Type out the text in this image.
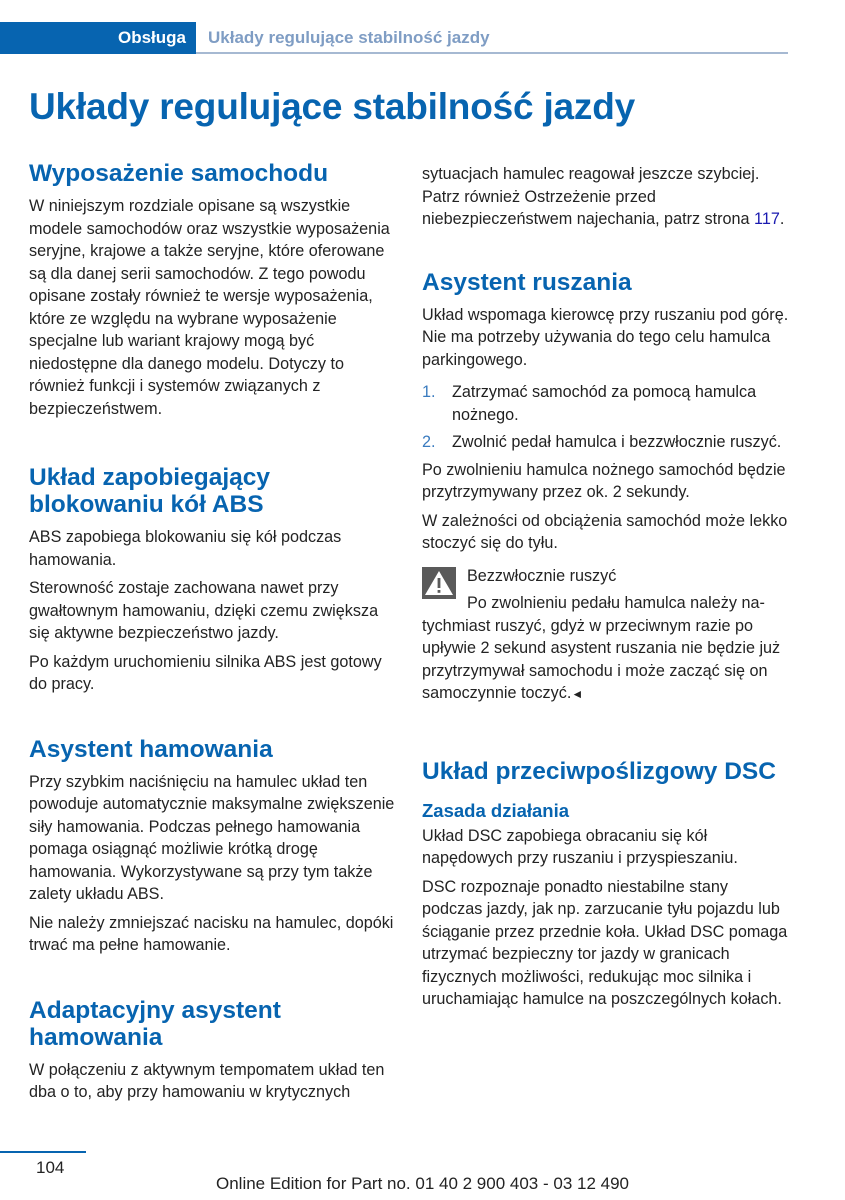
Obsługa Układy regulujące stabilność jazdy
Układy regulujące stabilność jazdy
Wyposażenie samochodu

W niniejszym rozdziale opisane są wszystkie modele samochodów oraz wszystkie wyposażenia seryjne, krajowe a także seryjne, które oferowane są dla danej serii samochodów. Z tego powodu opisane zostały również te wersje wyposażenia, które ze względu na wybrane wyposażenie specjalne lub wariant krajowy mogą być niedostępne dla danego modelu. Dotyczy to również funkcji i systemów związanych z bezpieczeństwem.

Układ zapobiegający blokowaniu kół ABS

ABS zapobiega blokowaniu się kół podczas hamowania.

Sterowność zostaje zachowana nawet przy gwałtownym hamowaniu, dzięki czemu zwiększa się aktywne bezpieczeństwo jazdy.

Po każdym uruchomieniu silnika ABS jest gotowy do pracy.

Asystent hamowania

Przy szybkim naciśnięciu na hamulec układ ten powoduje automatycznie maksymalne zwiększenie siły hamowania. Podczas pełnego hamowania pomaga osiągnąć możliwie krótką drogę hamowania. Wykorzystywane są przy tym także zalety układu ABS.

Nie należy zmniejszać nacisku na hamulec, dopóki trwać ma pełne hamowanie.

Adaptacyjny asystent hamowania

W połączeniu z aktywnym tempomatem układ ten dba o to, aby przy hamowaniu w krytycznych

sytuacjach hamulec reagował jeszcze szybciej. Patrz również Ostrzeżenie przed niebezpieczeństwem najechania, patrz strona 117.

Asystent ruszania

Układ wspomaga kierowcę przy ruszaniu pod górę. Nie ma potrzeby używania do tego celu hamulca parkingowego.

1. Zatrzymać samochód za pomocą hamulca nożnego.
2. Zwolnić pedał hamulca i bezzwłocznie ruszyć.

Po zwolnieniu hamulca nożnego samochód będzie przytrzymywany przez ok. 2 sekundy.

W zależności od obciążenia samochód może lekko stoczyć się do tyłu.

Bezzwłocznie ruszyć

Po zwolnieniu pedału hamulca należy na-

tychmiast ruszyć, gdyż w przeciwnym razie po upływie 2 sekund asystent ruszania nie będzie już przytrzymywał samochodu i może zacząć się on samoczynnie toczyć.◄

Układ przeciwpoślizgowy DSC
Zasada działania

Układ DSC zapobiega obracaniu się kół napędowych przy ruszaniu i przyspieszaniu.

DSC rozpoznaje ponadto niestabilne stany podczas jazdy, jak np. zarzucanie tyłu pojazdu lub ściąganie przez przednie koła. Układ DSC pomaga utrzymać bezpieczny tor jazdy w granicach fizycznych możliwości, redukując moc silnika i uruchamiając hamulce na poszczególnych kołach.

104
Online Edition for Part no. 01 40 2 900 403 - 03 12 490
